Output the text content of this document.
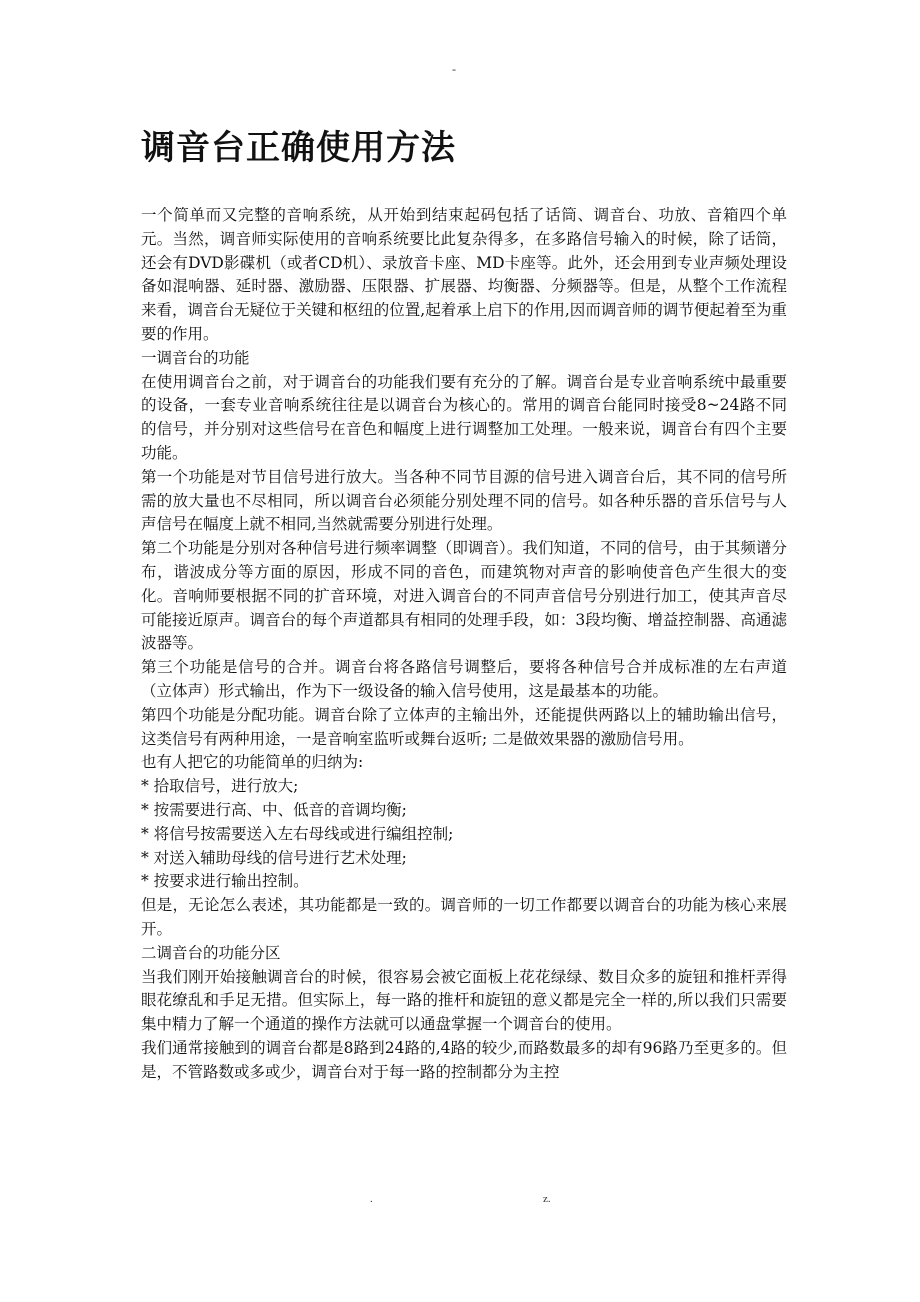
-
调音台正确使用方法

一个简单而又完整的音响系统，从开始到结束起码包括了话筒、调音台、功放、音箱四个单元。当然，调音师实际使用的音响系统要比此复杂得多，在多路信号输入的时候，除了话筒，还会有DVD影碟机（或者CD机）、录放音卡座、MD卡座等。此外，还会用到专业声频处理设备如混响器、延时器、激励器、压限器、扩展器、均衡器、分频器等。但是，从整个工作流程来看，调音台无疑位于关键和枢纽的位置,起着承上启下的作用,因而调音师的调节便起着至为重要的作用。

一调音台的功能

在使用调音台之前，对于调音台的功能我们要有充分的了解。调音台是专业音响系统中最重要的设备，一套专业音响系统往往是以调音台为核心的。常用的调音台能同时接受8~24路不同的信号，并分别对这些信号在音色和幅度上进行调整加工处理。一般来说，调音台有四个主要功能。

第一个功能是对节目信号进行放大。当各种不同节目源的信号进入调音台后，其不同的信号所需的放大量也不尽相同，所以调音台必须能分别处理不同的信号。如各种乐器的音乐信号与人声信号在幅度上就不相同,当然就需要分别进行处理。

第二个功能是分别对各种信号进行频率调整（即调音）。我们知道，不同的信号，由于其频谱分布，谐波成分等方面的原因，形成不同的音色，而建筑物对声音的影响使音色产生很大的变化。音响师要根据不同的扩音环境，对进入调音台的不同声音信号分别进行加工，使其声音尽可能接近原声。调音台的每个声道都具有相同的处理手段，如：3段均衡、增益控制器、高通滤波器等。

第三个功能是信号的合并。调音台将各路信号调整后，要将各种信号合并成标准的左右声道（立体声）形式输出，作为下一级设备的输入信号使用，这是最基本的功能。

第四个功能是分配功能。调音台除了立体声的主输出外，还能提供两路以上的辅助输出信号，这类信号有两种用途，一是音响室监听或舞台返听; 二是做效果器的激励信号用。

也有人把它的功能简单的归纳为:

* 拾取信号，进行放大;

* 按需要进行高、中、低音的音调均衡;

* 将信号按需要送入左右母线或进行编组控制;

* 对送入辅助母线的信号进行艺术处理;

* 按要求进行输出控制。

但是，无论怎么表述，其功能都是一致的。调音师的一切工作都要以调音台的功能为核心来展开。

二调音台的功能分区

当我们刚开始接触调音台的时候，很容易会被它面板上花花绿绿、数目众多的旋钮和推杆弄得眼花缭乱和手足无措。但实际上，每一路的推杆和旋钮的意义都是完全一样的,所以我们只需要集中精力了解一个通道的操作方法就可以通盘掌握一个调音台的使用。

我们通常接触到的调音台都是8路到24路的,4路的较少,而路数最多的却有96路乃至更多的。但是，不管路数或多或少，调音台对于每一路的控制都分为主控

.	z.
